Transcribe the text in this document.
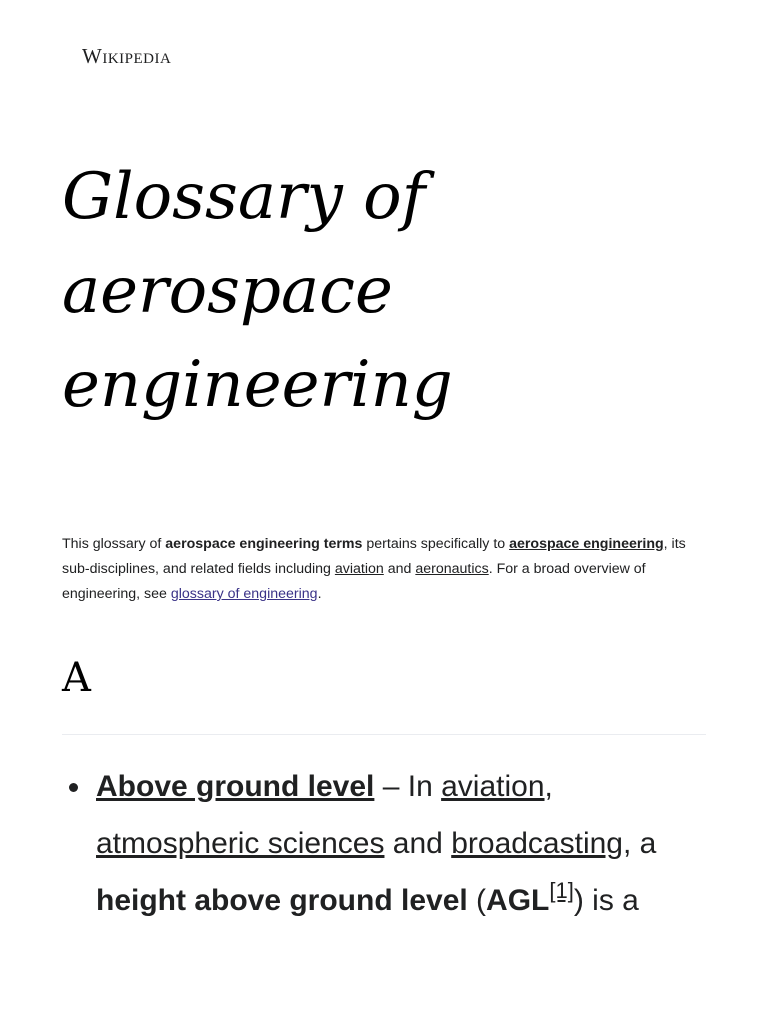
Wikipedia
Glossary of aerospace engineering

This glossary of aerospace engineering terms pertains specifically to aerospace engineering, its sub-disciplines, and related fields including aviation and aeronautics. For a broad overview of engineering, see glossary of engineering.

A
Above ground level – In aviation, atmospheric sciences and broadcasting, a height above ground level (AGL[1]) is a
